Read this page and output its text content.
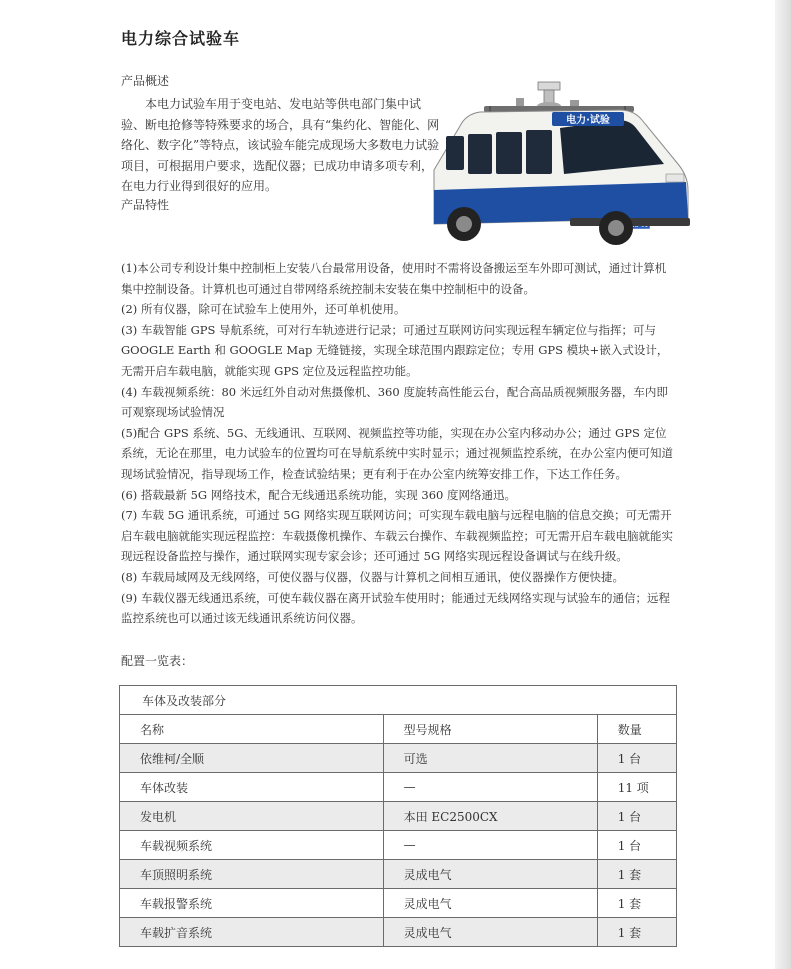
电力综合试验车
产品概述
本电力试验车用于变电站、发电站等供电部门集中试验、断电抢修等特殊要求的场合，具有“集约化、智能化、网络化、数字化”等特点，该试验车能完成现场大多数电力试验项目，可根据用户要求，选配仪器；已成功申请多项专利，在电力行业得到很好的应用。
产品特性
电力·试验

(1)本公司专利设计集中控制柜上安装八台最常用设备，使用时不需将设备搬运至车外即可测试，通过计算机集中控制设备。计算机也可通过自带网络系统控制未安装在集中控制柜中的设备。

(2) 所有仪器，除可在试验车上使用外，还可单机使用。

(3) 车载智能 GPS 导航系统，可对行车轨迹进行记录；可通过互联网访问实现远程车辆定位与指挥；可与 GOOGLE Earth 和 GOOGLE Map 无缝链接，实现全球范围内跟踪定位；专用 GPS 模块+嵌入式设计，无需开启车载电脑，就能实现 GPS 定位及远程监控功能。

(4) 车载视频系统：80 米远红外自动对焦摄像机、360 度旋转高性能云台，配合高品质视频服务器，车内即可观察现场试验情况

(5)配合 GPS 系统、5G、无线通讯、互联网、视频监控等功能，实现在办公室内移动办公；通过 GPS 定位系统，无论在那里，电力试验车的位置均可在导航系统中实时显示；通过视频监控系统，在办公室内便可知道现场试验情况，指导现场工作，检查试验结果；更有利于在办公室内统筹安排工作，下达工作任务。

(6) 搭载最新 5G 网络技术，配合无线通迅系统功能，实现 360 度网络通迅。

(7) 车载 5G 通讯系统，可通过 5G 网络实现互联网访问；可实现车载电脑与远程电脑的信息交换；可无需开启车载电脑就能实现远程监控：车载摄像机操作、车载云台操作、车载视频监控；可无需开启车载电脑就能实现远程设备监控与操作，通过联网实现专家会诊；还可通过 5G 网络实现远程设备调试与在线升级。

(8) 车载局域网及无线网络，可使仪器与仪器，仪器与计算机之间相互通讯，使仪器操作方便快捷。

(9) 车载仪器无线通迅系统，可使车载仪器在离开试验车使用时；能通过无线网络实现与试验车的通信；远程监控系统也可以通过该无线通讯系统访问仪器。

配置一览表：
车体及改装部分		
名称	型号规格	数量
依维柯/全顺	可选	1 台
车体改装	—	11 项
发电机	本田 EC2500CX	1 台
车载视频系统	—	1 台
车顶照明系统	灵成电气	1 套
车载报警系统	灵成电气	1 套
车载扩音系统	灵成电气	1 套
